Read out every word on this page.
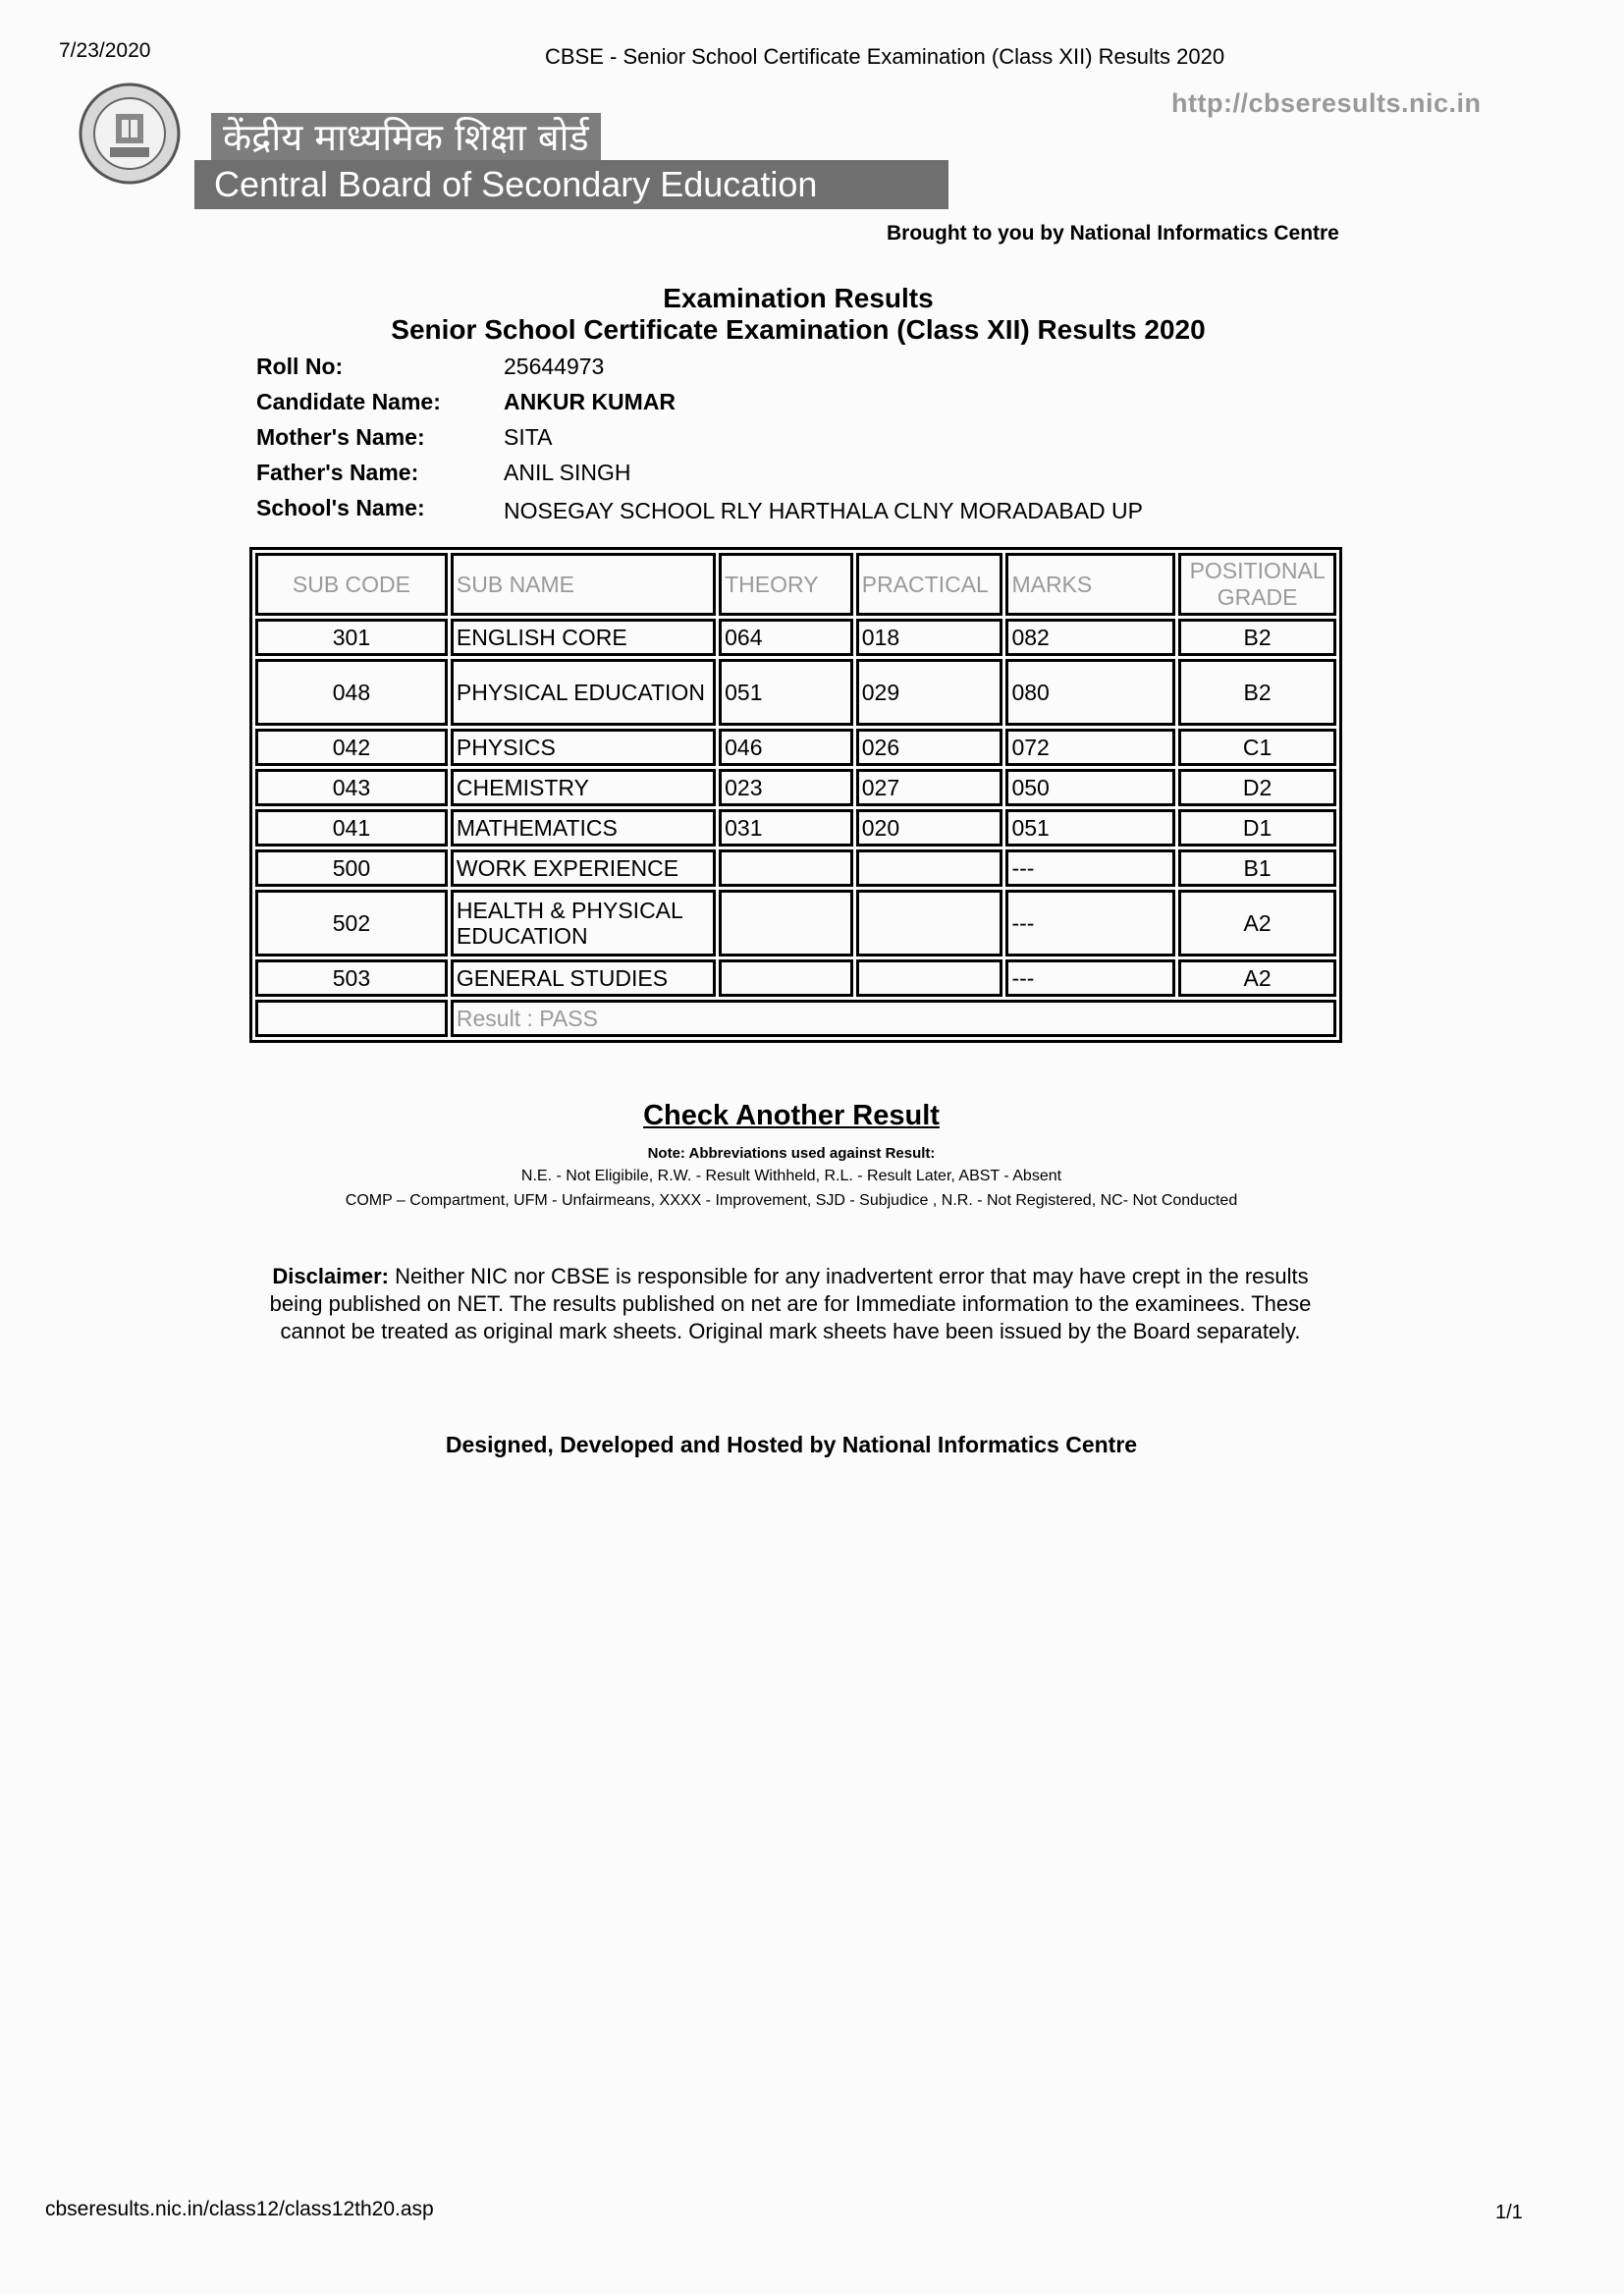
7/23/2020	CBSE - Senior School Certificate Examination (Class XII) Results 2020
http://cbseresults.nic.in
केंद्रीय माध्यमिक शिक्षा बोर्ड
Central Board of Secondary Education
Brought to you by National Informatics Centre
Examination Results
Senior School Certificate Examination (Class XII) Results 2020
Roll No:	25644973
Candidate Name:	ANKUR KUMAR
Mother's Name:	SITA
Father's Name:	ANIL SINGH
School's Name:	NOSEGAY SCHOOL RLY HARTHALA CLNY MORADABAD UP
SUB CODE	SUB NAME	THEORY	PRACTICAL	MARKS	POSITIONAL GRADE
301	ENGLISH CORE	064	018	082	B2
048	PHYSICAL EDUCATION	051	029	080	B2
042	PHYSICS	046	026	072	C1
043	CHEMISTRY	023	027	050	D2
041	MATHEMATICS	031	020	051	D1
500	WORK EXPERIENCE			---	B1
502	HEALTH & PHYSICAL EDUCATION			---	A2
503	GENERAL STUDIES			---	A2
	Result : PASS				
Check Another Result
Note: Abbreviations used against Result:
N.E. - Not Eligibile, R.W. - Result Withheld, R.L. - Result Later, ABST - Absent
COMP – Compartment, UFM - Unfairmeans, XXXX - Improvement, SJD - Subjudice , N.R. - Not Registered, NC- Not Conducted
Disclaimer: Neither NIC nor CBSE is responsible for any inadvertent error that may have crept in the results being published on NET. The results published on net are for Immediate information to the examinees. These cannot be treated as original mark sheets. Original mark sheets have been issued by the Board separately.
Designed, Developed and Hosted by National Informatics Centre
cbseresults.nic.in/class12/class12th20.asp	1/1
